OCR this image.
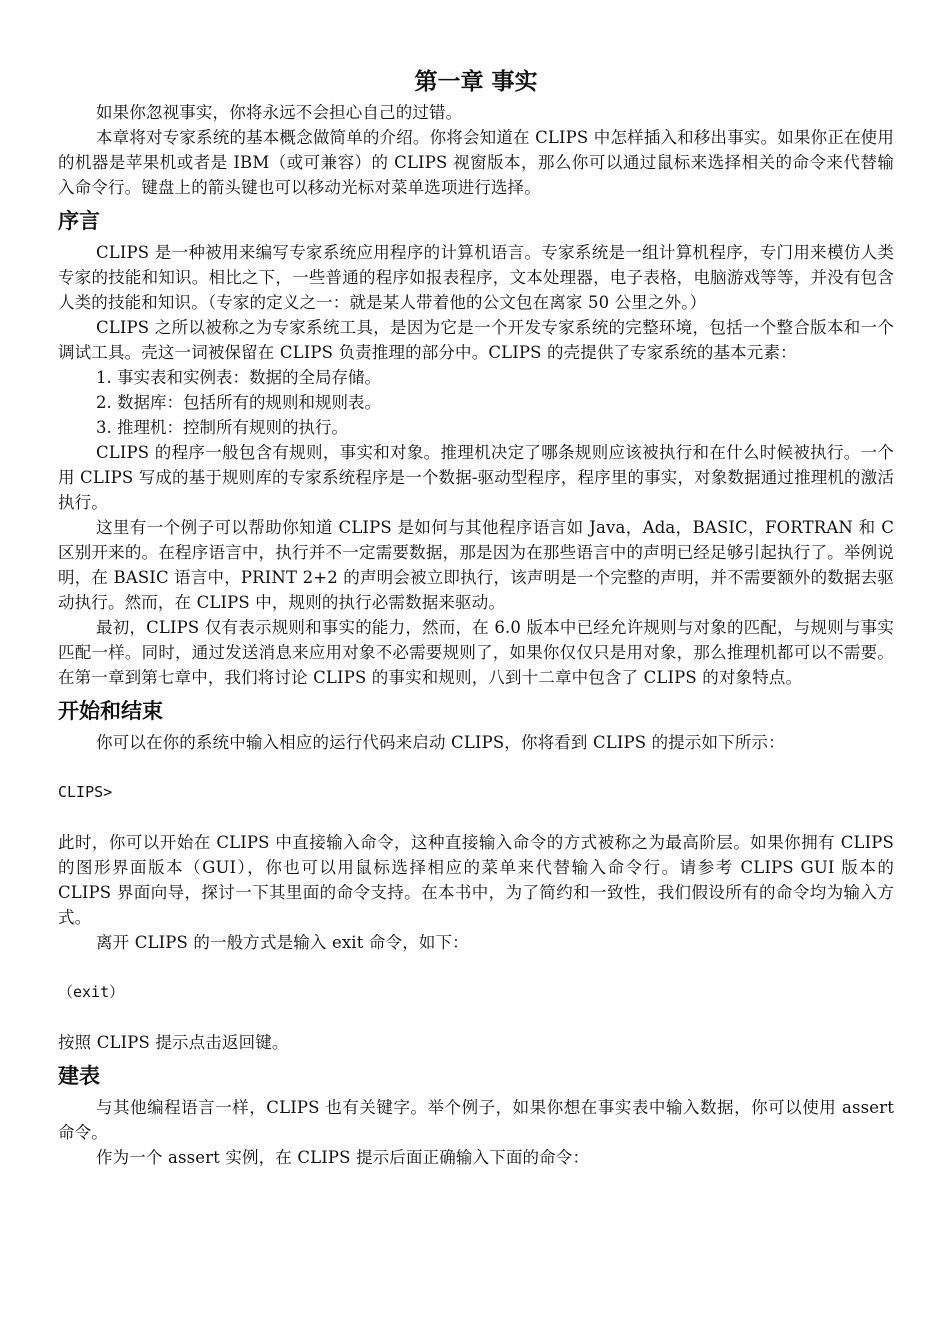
第一章 事实

如果你忽视事实，你将永远不会担心自己的过错。

本章将对专家系统的基本概念做简单的介绍。你将会知道在 CLIPS 中怎样插入和移出事实。如果你正在使用的机器是苹果机或者是 IBM（或可兼容）的 CLIPS 视窗版本，那么你可以通过鼠标来选择相关的命令来代替输入命令行。键盘上的箭头键也可以移动光标对菜单选项进行选择。

序言

CLIPS 是一种被用来编写专家系统应用程序的计算机语言。专家系统是一组计算机程序，专门用来模仿人类专家的技能和知识。相比之下，一些普通的程序如报表程序，文本处理器，电子表格，电脑游戏等等，并没有包含人类的技能和知识。（专家的定义之一：就是某人带着他的公文包在离家 50 公里之外。）

CLIPS 之所以被称之为专家系统工具，是因为它是一个开发专家系统的完整环境，包括一个整合版本和一个调试工具。壳这一词被保留在 CLIPS 负责推理的部分中。CLIPS 的壳提供了专家系统的基本元素：

1. 事实表和实例表：数据的全局存储。
2. 数据库：包括所有的规则和规则表。
3. 推理机：控制所有规则的执行。

CLIPS 的程序一般包含有规则，事实和对象。推理机决定了哪条规则应该被执行和在什么时候被执行。一个用 CLIPS 写成的基于规则库的专家系统程序是一个数据-驱动型程序，程序里的事实，对象数据通过推理机的激活执行。

这里有一个例子可以帮助你知道 CLIPS 是如何与其他程序语言如 Java，Ada，BASIC，FORTRAN 和 C 区别开来的。在程序语言中，执行并不一定需要数据，那是因为在那些语言中的声明已经足够引起执行了。举例说明，在 BASIC 语言中，PRINT 2+2 的声明会被立即执行，该声明是一个完整的声明，并不需要额外的数据去驱动执行。然而，在 CLIPS 中，规则的执行必需数据来驱动。

最初，CLIPS 仅有表示规则和事实的能力，然而，在 6.0 版本中已经允许规则与对象的匹配，与规则与事实匹配一样。同时，通过发送消息来应用对象不必需要规则了，如果你仅仅只是用对象，那么推理机都可以不需要。在第一章到第七章中，我们将讨论 CLIPS 的事实和规则，八到十二章中包含了 CLIPS 的对象特点。

开始和结束

你可以在你的系统中输入相应的运行代码来启动 CLIPS，你将看到 CLIPS 的提示如下所示：

CLIPS>

此时，你可以开始在 CLIPS 中直接输入命令，这种直接输入命令的方式被称之为最高阶层。如果你拥有 CLIPS 的图形界面版本（GUI），你也可以用鼠标选择相应的菜单来代替输入命令行。请参考 CLIPS GUI 版本的 CLIPS 界面向导，探讨一下其里面的命令支持。在本书中，为了简约和一致性，我们假设所有的命令均为输入方式。

离开 CLIPS 的一般方式是输入 exit 命令，如下：

（exit）

按照 CLIPS 提示点击返回键。

建表

与其他编程语言一样，CLIPS 也有关键字。举个例子，如果你想在事实表中输入数据，你可以使用 assert 命令。

作为一个 assert 实例，在 CLIPS 提示后面正确输入下面的命令：
